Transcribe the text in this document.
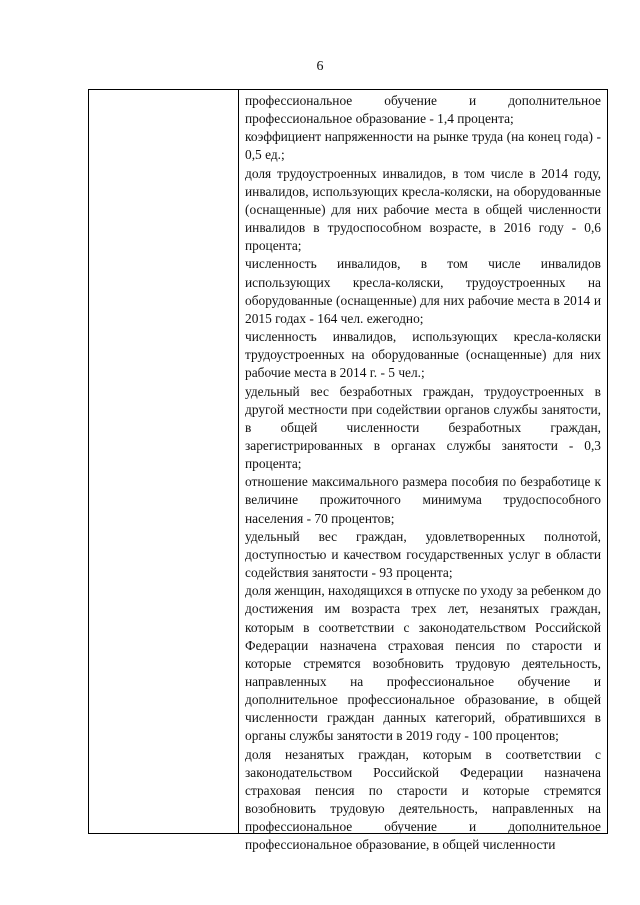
6

профессиональное обучение и дополнительное профессиональное образование - 1,4 процента;

коэффициент напряженности на рынке труда (на конец года) - 0,5 ед.;

доля трудоустроенных инвалидов, в том числе в 2014 году, инвалидов, использующих кресла-коляски, на оборудованные (оснащенные) для них рабочие места в общей численности инвалидов в трудоспособном возрасте, в 2016 году - 0,6 процента;

численность инвалидов, в том числе инвалидов использующих кресла-коляски, трудоустроенных на оборудованные (оснащенные) для них рабочие места в 2014 и 2015 годах - 164 чел. ежегодно;

численность инвалидов, использующих кресла-коляски трудоустроенных на оборудованные (оснащенные) для них рабочие места в 2014 г. - 5 чел.;

удельный вес безработных граждан, трудоустроенных в другой местности при содействии органов службы занятости, в общей численности безработных граждан, зарегистрированных в органах службы занятости - 0,3 процента;

отношение максимального размера пособия по безработице к величине прожиточного минимума трудоспособного населения - 70 процентов;

удельный вес граждан, удовлетворенных полнотой, доступностью и качеством государственных услуг в области содействия занятости - 93 процента;

доля женщин, находящихся в отпуске по уходу за ребенком до достижения им возраста трех лет, незанятых граждан, которым в соответствии с законодательством Российской Федерации назначена страховая пенсия по старости и которые стремятся возобновить трудовую деятельность, направленных на профессиональное обучение и дополнительное профессиональное образование, в общей численности граждан данных категорий, обратившихся в органы службы занятости в 2019 году - 100 процентов;

доля незанятых граждан, которым в соответствии с законодательством Российской Федерации назначена страховая пенсия по старости и которые стремятся возобновить трудовую деятельность, направленных на профессиональное обучение и дополнительное профессиональное образование, в общей численности
